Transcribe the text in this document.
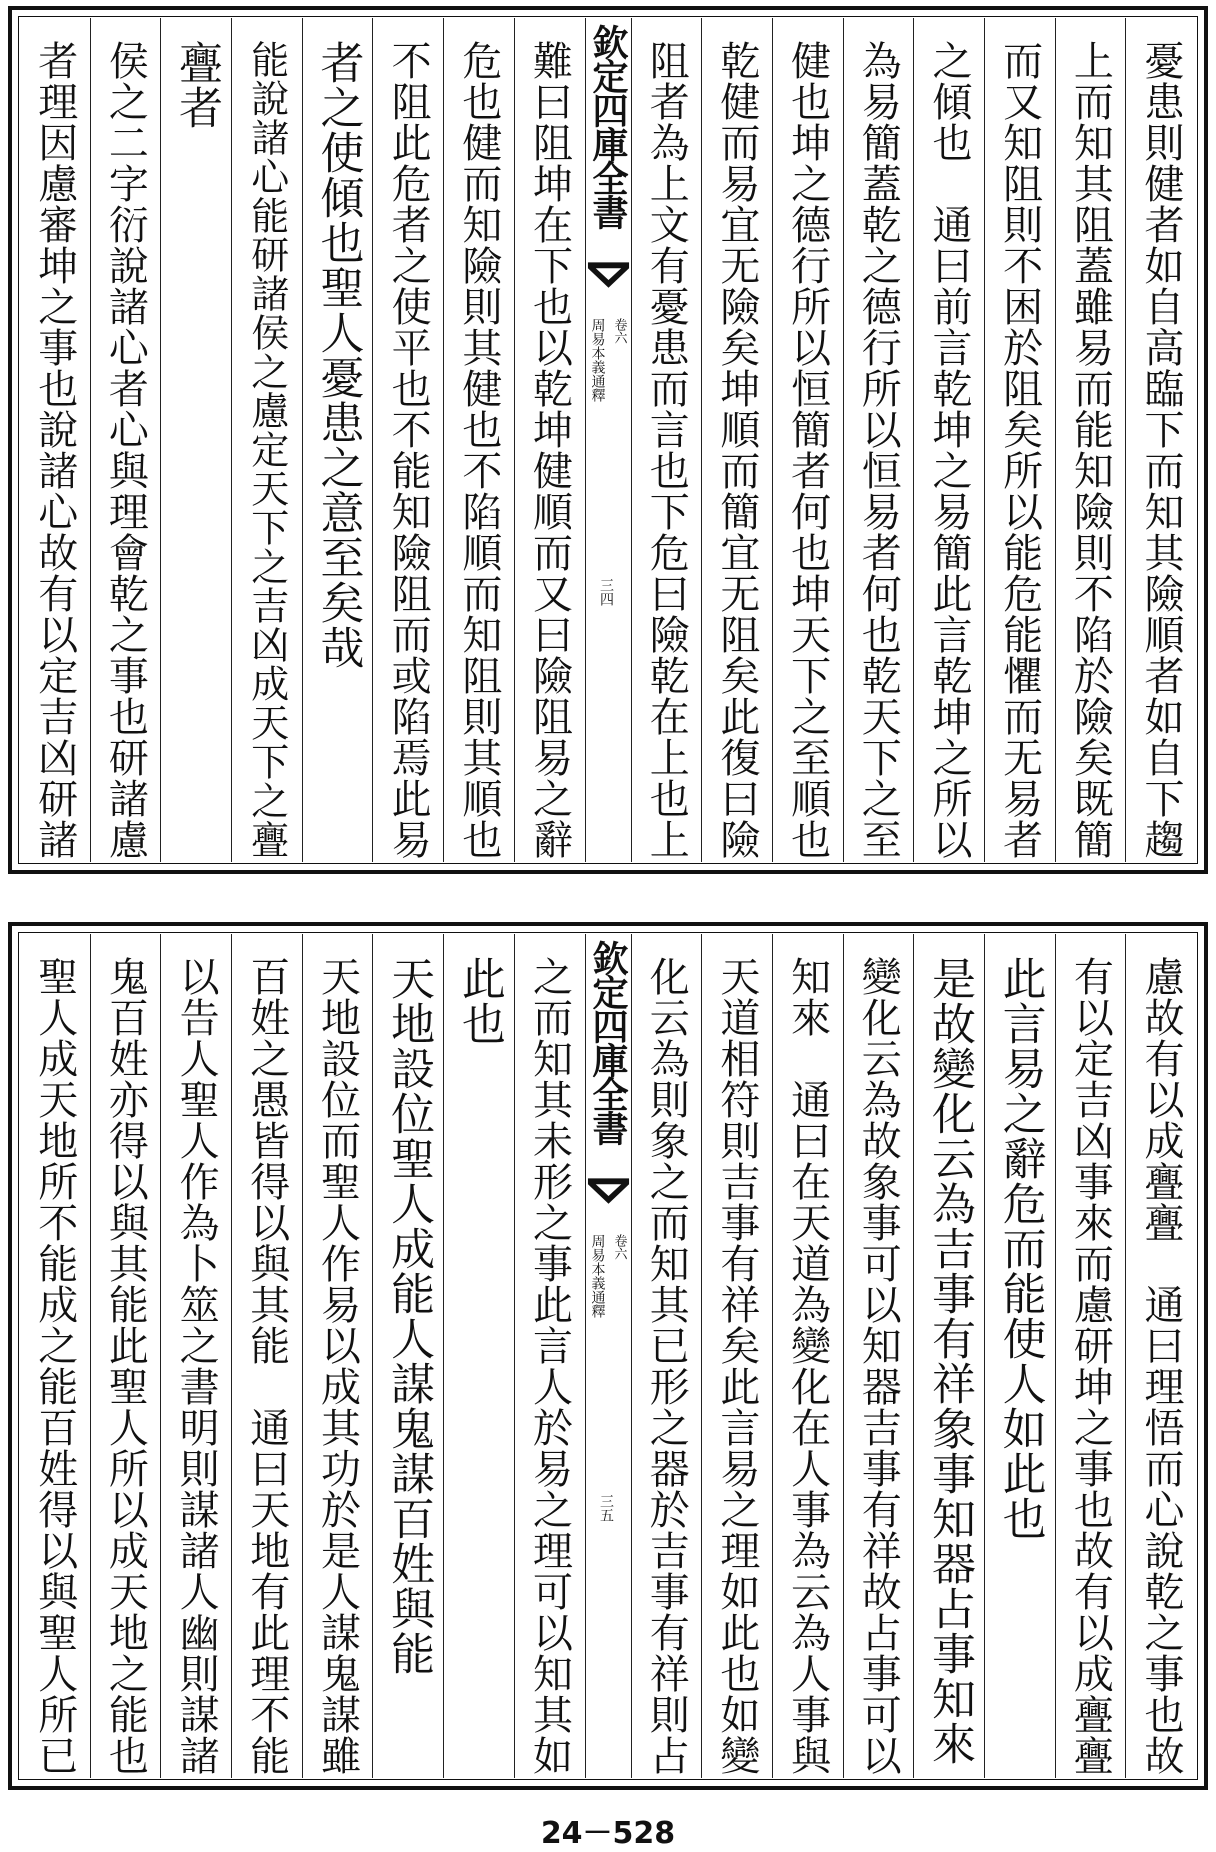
憂患則健者如自高臨下而知其險順者如自下趨
上而知其阻蓋雖易而能知險則不陷於險矣既簡
而又知阻則不困於阻矣所以能危能懼而无易者
之傾也　通曰前言乾坤之易簡此言乾坤之所以
為易簡蓋乾之德行所以恒易者何也乾天下之至
健也坤之德行所以恒簡者何也坤天下之至順也
乾健而易宜无險矣坤順而簡宜无阻矣此復曰險
阻者為上文有憂患而言也下危曰險乾在上也上
欽定四庫全書
周易本義通釋 卷六
三四
難曰阻坤在下也以乾坤健順而又曰險阻易之辭
危也健而知險則其健也不陷順而知阻則其順也
不阻此危者之使平也不能知險阻而或陷焉此易
者之使傾也聖人憂患之意至矣哉
能說諸心能研諸侯之慮定天下之吉凶成天下之亹
亹者
侯之二字衍說諸心者心與理會乾之事也研諸慮
者理因慮審坤之事也說諸心故有以定吉凶研諸
慮故有以成亹亹　通曰理悟而心說乾之事也故
有以定吉凶事來而慮研坤之事也故有以成亹亹
此言易之辭危而能使人如此也
是故變化云為吉事有祥象事知器占事知來
變化云為故象事可以知器吉事有祥故占事可以
知來　通曰在天道為變化在人事為云為人事與
天道相符則吉事有祥矣此言易之理如此也如變
化云為則象之而知其已形之器於吉事有祥則占
欽定四庫全書
周易本義通釋 卷六
三五
之而知其未形之事此言人於易之理可以知其如
此也
天地設位聖人成能人謀鬼謀百姓與能
天地設位而聖人作易以成其功於是人謀鬼謀雖
百姓之愚皆得以與其能　通曰天地有此理不能
以告人聖人作為卜筮之書明則謀諸人幽則謀諸
鬼百姓亦得以與其能此聖人所以成天地之能也
聖人成天地所不能成之能百姓得以與聖人所已
24－528
